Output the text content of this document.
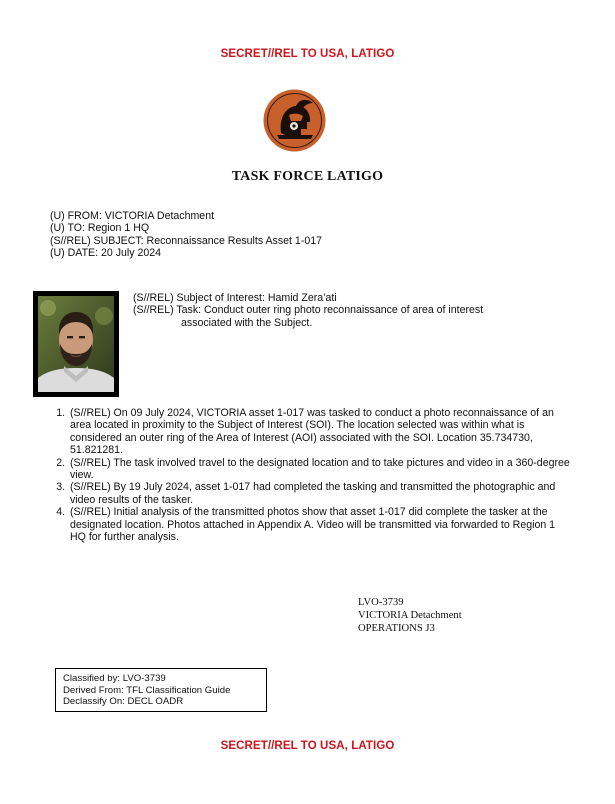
SECRET//REL TO USA, LATIGO
TASK FORCE LATIGO
(U) FROM: VICTORIA Detachment
(U) TO: Region 1 HQ
(S//REL) SUBJECT: Reconnaissance Results Asset 1-017
(U) DATE: 20 July 2024
(S//REL) Subject of Interest: Hamid Zera’ati
(S//REL) Task: Conduct outer ring photo reconnaissance of area of interest
associated with the Subject.
1. (S//REL) On 09 July 2024, VICTORIA asset 1-017 was tasked to conduct a photo reconnaissance of an area located in proximity to the Subject of Interest (SOI). The location selected was within what is considered an outer ring of the Area of Interest (AOI) associated with the SOI. Location 35.734730, 51.821281.
2. (S//REL) The task involved travel to the designated location and to take pictures and video in a 360-degree view.
3. (S//REL) By 19 July 2024, asset 1-017 had completed the tasking and transmitted the photographic and video results of the tasker.
4. (S//REL) Initial analysis of the transmitted photos show that asset 1-017 did complete the tasker at the designated location. Photos attached in Appendix A. Video will be transmitted via forwarded to Region 1 HQ for further analysis.
LVO-3739
VICTORIA Detachment
OPERATIONS J3
Classified by: LVO-3739
Derived From: TFL Classification Guide
Declassify On: DECL OADR
SECRET//REL TO USA, LATIGO
